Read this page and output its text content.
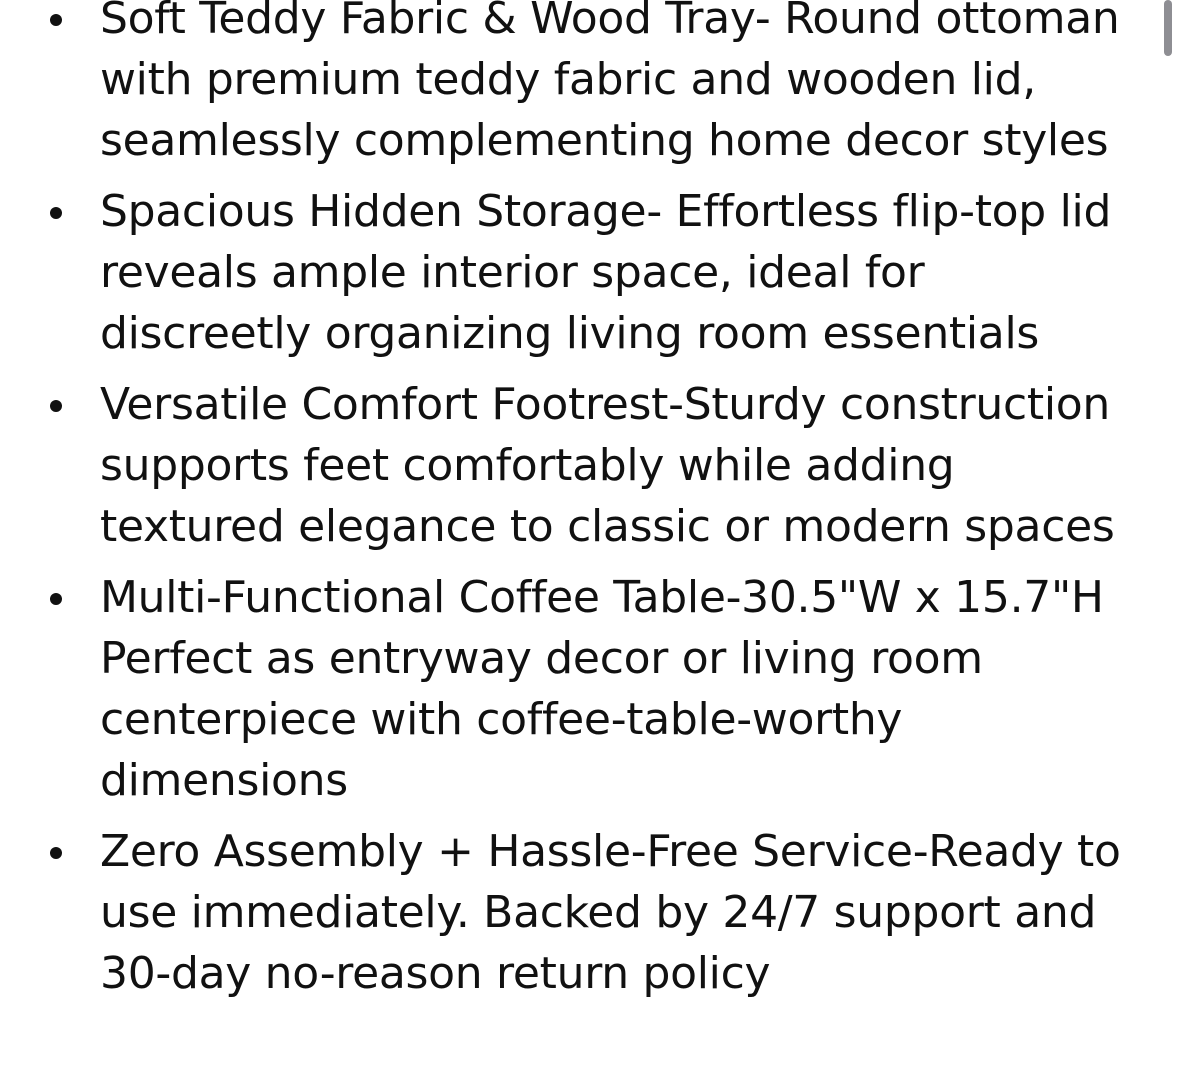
Soft Teddy Fabric & Wood Tray- Round ottoman with premium teddy fabric and wooden lid, seamlessly complementing home decor styles
Spacious Hidden Storage- Effortless flip-top lid reveals ample interior space, ideal for discreetly organizing living room essentials
Versatile Comfort Footrest-Sturdy construction supports feet comfortably while adding textured elegance to classic or modern spaces
Multi-Functional Coffee Table-30.5"W x 15.7"H Perfect as entryway decor or living room centerpiece with coffee-table-worthy dimensions
Zero Assembly + Hassle-Free Service-Ready to use immediately. Backed by 24/7 support and 30-day no-reason return policy
